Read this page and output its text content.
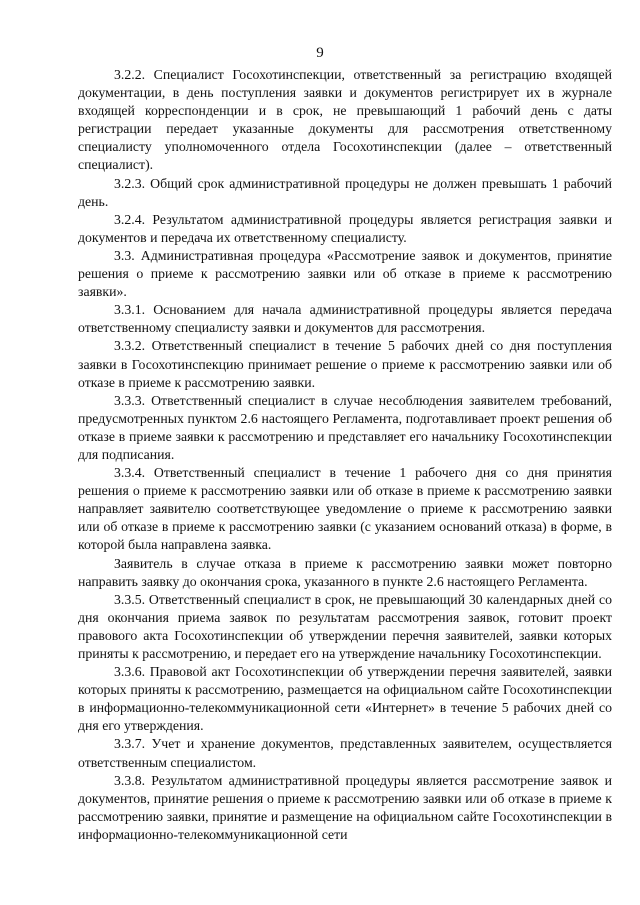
9

3.2.2. Специалист Госохотинспекции, ответственный за регистрацию входящей документации, в день поступления заявки и документов регистрирует их в журнале входящей корреспонденции и в срок, не превышающий 1 рабочий день с даты регистрации передает указанные документы для рассмотрения ответственному специалисту уполномоченного отдела Госохотинспекции (далее – ответственный специалист).

3.2.3. Общий срок административной процедуры не должен превышать 1 рабочий день.

3.2.4. Результатом административной процедуры является регистрация заявки и документов и передача их ответственному специалисту.

3.3. Административная процедура «Рассмотрение заявок и документов, принятие решения о приеме к рассмотрению заявки или об отказе в приеме к рассмотрению заявки».

3.3.1. Основанием для начала административной процедуры является передача ответственному специалисту заявки и документов для рассмотрения.

3.3.2. Ответственный специалист в течение 5 рабочих дней со дня поступления заявки в Госохотинспекцию принимает решение о приеме к рассмотрению заявки или об отказе в приеме к рассмотрению заявки.

3.3.3. Ответственный специалист в случае несоблюдения заявителем требований, предусмотренных пунктом 2.6 настоящего Регламента, подготавливает проект решения об отказе в приеме заявки к рассмотрению и представляет его начальнику Госохотинспекции для подписания.

3.3.4. Ответственный специалист в течение 1 рабочего дня со дня принятия решения о приеме к рассмотрению заявки или об отказе в приеме к рассмотрению заявки направляет заявителю соответствующее уведомление о приеме к рассмотрению заявки или об отказе в приеме к рассмотрению заявки (с указанием оснований отказа) в форме, в которой была направлена заявка.

Заявитель в случае отказа в приеме к рассмотрению заявки может повторно направить заявку до окончания срока, указанного в пункте 2.6 настоящего Регламента.

3.3.5. Ответственный специалист в срок, не превышающий 30 календарных дней со дня окончания приема заявок по результатам рассмотрения заявок, готовит проект правового акта Госохотинспекции об утверждении перечня заявителей, заявки которых приняты к рассмотрению, и передает его на утверждение начальнику Госохотинспекции.

3.3.6. Правовой акт Госохотинспекции об утверждении перечня заявителей, заявки которых приняты к рассмотрению, размещается на официальном сайте Госохотинспекции в информационно-телекоммуникационной сети «Интернет» в течение 5 рабочих дней со дня его утверждения.

3.3.7. Учет и хранение документов, представленных заявителем, осуществляется ответственным специалистом.

3.3.8. Результатом административной процедуры является рассмотрение заявок и документов, принятие решения о приеме к рассмотрению заявки или об отказе в приеме к рассмотрению заявки, принятие и размещение на официальном сайте Госохотинспекции в информационно-телекоммуникационной сети
